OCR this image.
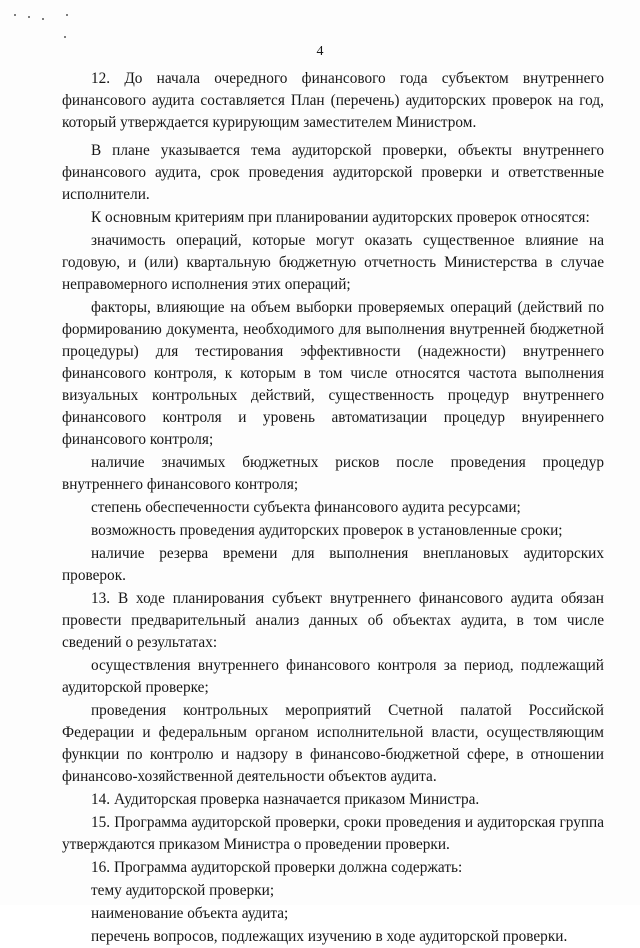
4

12. До начала очередного финансового года субъектом внутреннего финансового аудита составляется План (перечень) аудиторских проверок на год, который утверждается курирующим заместителем Министром.

В плане указывается тема аудиторской проверки, объекты внутреннего финансового аудита, срок проведения аудиторской проверки и ответственные исполнители.

К основным критериям при планировании аудиторских проверок относятся:

значимость операций, которые могут оказать существенное влияние на годовую, и (или) квартальную бюджетную отчетность Министерства в случае неправомерного исполнения этих операций;

факторы, влияющие на объем выборки проверяемых операций (действий по формированию документа, необходимого для выполнения внутренней бюджетной процедуры) для тестирования эффективности (надежности) внутреннего финансового контроля, к которым в том числе относятся частота выполнения визуальных контрольных действий, существенность процедур внутреннего финансового контроля и уровень автоматизации процедур внуиреннего финансового контроля;

наличие значимых бюджетных рисков после проведения процедур внутреннего финансового контроля;

степень обеспеченности субъекта финансового аудита ресурсами;

возможность проведения аудиторских проверок в установленные сроки;

наличие резерва времени для выполнения внеплановых аудиторских проверок.

13. В ходе планирования субъект внутреннего финансового аудита обязан провести предварительный анализ данных об объектах аудита, в том числе сведений о результатах:

осуществления внутреннего финансового контроля за период, подлежащий аудиторской проверке;

проведения контрольных мероприятий Счетной палатой Российской Федерации и федеральным органом исполнительной власти, осуществляющим функции по контролю и надзору в финансово-бюджетной сфере, в отношении финансово-хозяйственной деятельности объектов аудита.

14. Аудиторская проверка назначается приказом Министра.

15. Программа аудиторской проверки, сроки проведения и аудиторская группа утверждаются приказом Министра о проведении проверки.

16. Программа аудиторской проверки должна содержать:

тему аудиторской проверки;

наименование объекта аудита;

перечень вопросов, подлежащих изучению в ходе аудиторской проверки.
